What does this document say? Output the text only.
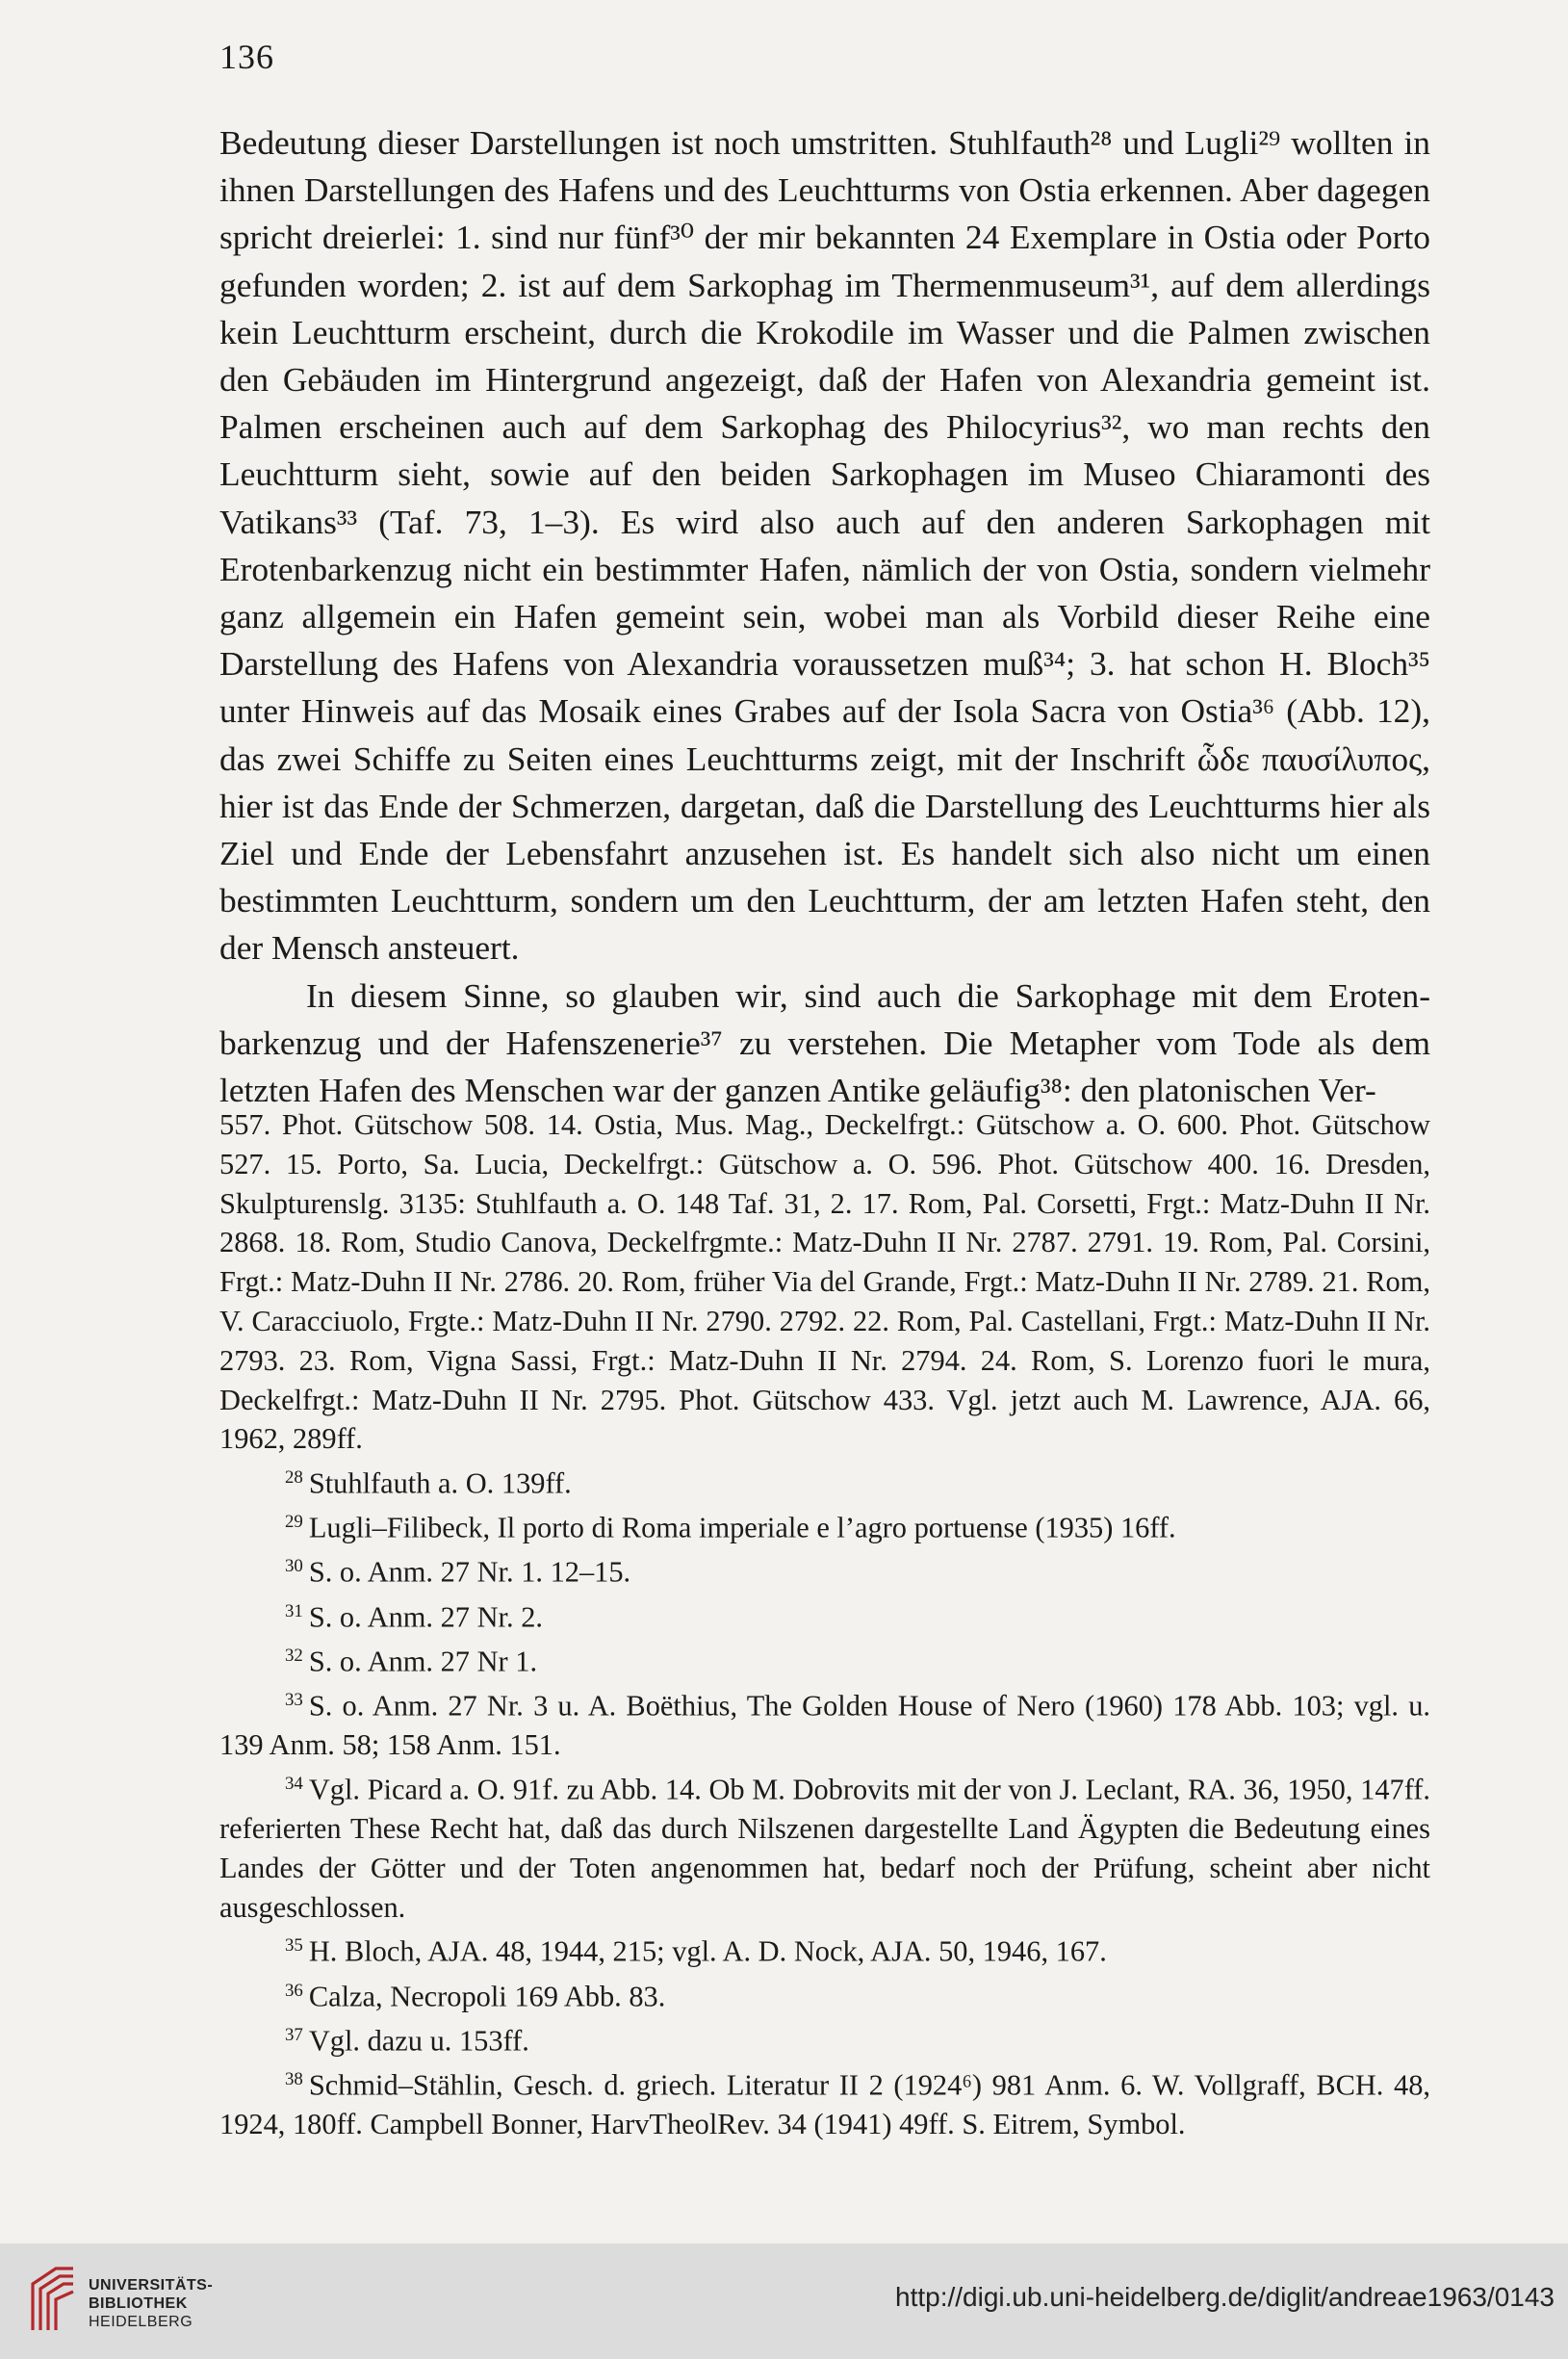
136

Bedeutung dieser Darstellungen ist noch umstritten. Stuhlfauth²⁸ und Lugli²⁹ wollten in ihnen Darstellungen des Hafens und des Leuchtturms von Ostia erkennen. Aber dagegen spricht dreierlei: 1. sind nur fünf³⁰ der mir bekannten 24 Exemplare in Ostia oder Porto gefunden worden; 2. ist auf dem Sarkophag im Thermenmuseum³¹, auf dem allerdings kein Leuchtturm erscheint, durch die Krokodile im Wasser und die Palmen zwischen den Gebäuden im Hintergrund angezeigt, daß der Hafen von Alexandria gemeint ist. Palmen erscheinen auch auf dem Sarkophag des Philocyrius³², wo man rechts den Leuchtturm sieht, sowie auf den beiden Sarkophagen im Museo Chiaramonti des Vatikans³³ (Taf. 73, 1–3). Es wird also auch auf den anderen Sarkophagen mit Erotenbarkenzug nicht ein bestimmter Hafen, nämlich der von Ostia, sondern vielmehr ganz allgemein ein Hafen gemeint sein, wobei man als Vorbild dieser Reihe eine Darstellung des Hafens von Alexandria voraussetzen muß³⁴; 3. hat schon H. Bloch³⁵ unter Hinweis auf das Mosaik eines Grabes auf der Isola Sacra von Ostia³⁶ (Abb. 12), das zwei Schiffe zu Seiten eines Leuchtturms zeigt, mit der Inschrift ὧδε παυσίλυπος, hier ist das Ende der Schmerzen, dargetan, daß die Darstellung des Leuchtturms hier als Ziel und Ende der Lebensfahrt anzusehen ist. Es handelt sich also nicht um einen bestimmten Leuchtturm, sondern um den Leuchtturm, der am letzten Hafen steht, den der Mensch ansteuert.

In diesem Sinne, so glauben wir, sind auch die Sarkophage mit dem Erotenbarkenzug und der Hafenszenerie³⁷ zu verstehen. Die Metapher vom Tode als dem letzten Hafen des Menschen war der ganzen Antike geläufig³⁸: den platonischen Ver-

557. Phot. Gütschow 508. 14. Ostia, Mus. Mag., Deckelfrgt.: Gütschow a. O. 600. Phot. Gütschow 527. 15. Porto, Sa. Lucia, Deckelfrgt.: Gütschow a. O. 596. Phot. Gütschow 400. 16. Dresden, Skulpturenslg. 3135: Stuhlfauth a. O. 148 Taf. 31, 2. 17. Rom, Pal. Corsetti, Frgt.: Matz-Duhn II Nr. 2868. 18. Rom, Studio Canova, Deckelfrgmte.: Matz-Duhn II Nr. 2787. 2791. 19. Rom, Pal. Corsini, Frgt.: Matz-Duhn II Nr. 2786. 20. Rom, früher Via del Grande, Frgt.: Matz-Duhn II Nr. 2789. 21. Rom, V. Caracciuolo, Frgte.: Matz-Duhn II Nr. 2790. 2792. 22. Rom, Pal. Castellani, Frgt.: Matz-Duhn II Nr. 2793. 23. Rom, Vigna Sassi, Frgt.: Matz-Duhn II Nr. 2794. 24. Rom, S. Lorenzo fuori le mura, Deckelfrgt.: Matz-Duhn II Nr. 2795. Phot. Gütschow 433. Vgl. jetzt auch M. Lawrence, AJA. 66, 1962, 289ff.

$^{28}$ Stuhlfauth a. O. 139ff.

$^{29}$ Lugli–Filibeck, Il porto di Roma imperiale e l’agro portuense (1935) 16ff.

$^{30}$ S. o. Anm. 27 Nr. 1. 12–15.

$^{31}$ S. o. Anm. 27 Nr. 2.

$^{32}$ S. o. Anm. 27 Nr 1.

$^{33}$ S. o. Anm. 27 Nr. 3 u. A. Boëthius, The Golden House of Nero (1960) 178 Abb. 103; vgl. u. 139 Anm. 58; 158 Anm. 151.

$^{34}$ Vgl. Picard a. O. 91f. zu Abb. 14. Ob M. Dobrovits mit der von J. Leclant, RA. 36, 1950, 147ff. referierten These Recht hat, daß das durch Nilszenen dargestellte Land Ägypten die Bedeutung eines Landes der Götter und der Toten angenommen hat, bedarf noch der Prüfung, scheint aber nicht ausgeschlossen.

$^{35}$ H. Bloch, AJA. 48, 1944, 215; vgl. A. D. Nock, AJA. 50, 1946, 167.

$^{36}$ Calza, Necropoli 169 Abb. 83.

$^{37}$ Vgl. dazu u. 153ff.

$^{38}$ Schmid–Stählin, Gesch. d. griech. Literatur II 2 (1924⁶) 981 Anm. 6. W. Vollgraff, BCH. 48, 1924, 180ff. Campbell Bonner, HarvTheolRev. 34 (1941) 49ff. S. Eitrem, Symbol.

UNIVERSITÄTS-
BIBLIOTHEK
HEIDELBERG
http://digi.ub.uni-heidelberg.de/diglit/andreae1963/0143
